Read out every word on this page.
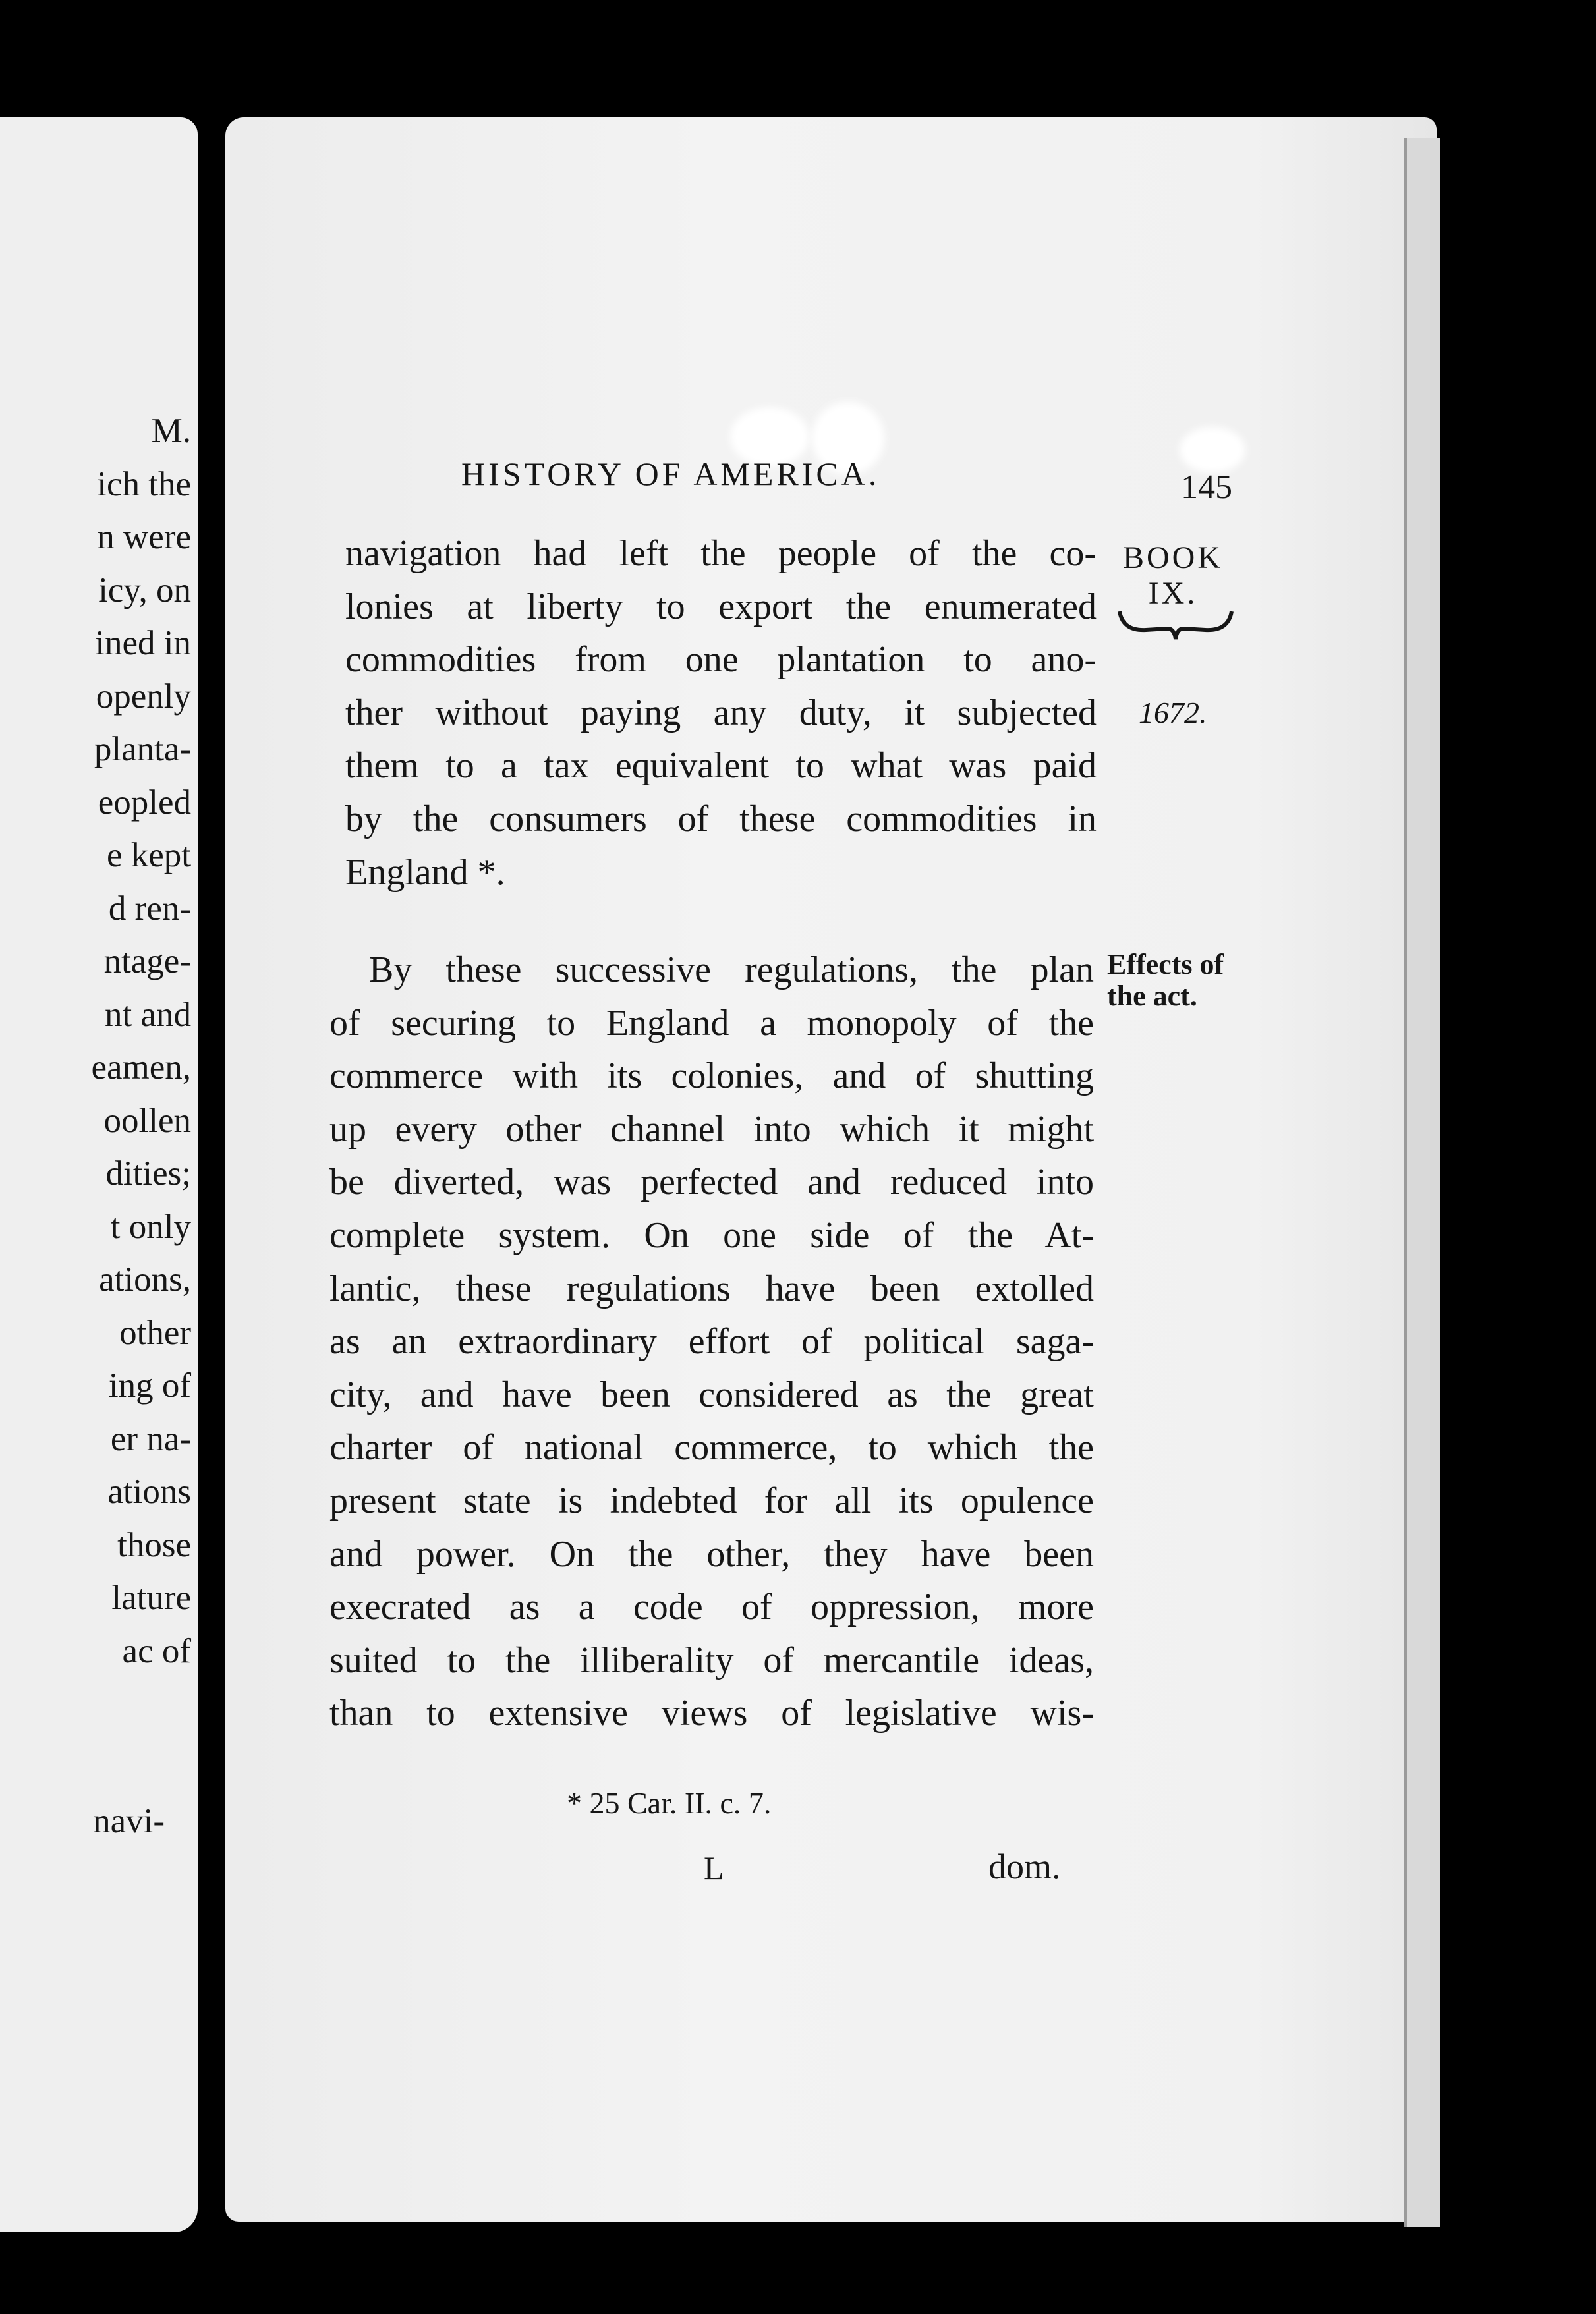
M.
ich the
n were
icy, on
ined in
openly
planta-
eopled
e kept
d ren-
ntage-
nt and
eamen,
oollen
dities;
t only
ations,
other
ing of
er na-
ations
those
lature
ac of
navi-
HISTORY OF AMERICA.	145
BOOK
IX.
1672.
Effects of
the act.
navigation had left the people of the co-
lonies at liberty to export the enumerated
commodities from one plantation to ano-
ther without paying any duty, it subjected
them to a tax equivalent to what was paid
by the consumers of these commodities in
England *.
By these successive regulations, the plan
of securing to England a monopoly of the
commerce with its colonies, and of shutting
up every other channel into which it might
be diverted, was perfected and reduced into
complete system. On one side of the At-
lantic, these regulations have been extolled
as an extraordinary effort of political saga-
city, and have been considered as the great
charter of national commerce, to which the
present state is indebted for all its opulence
and power. On the other, they have been
execrated as a code of oppression, more
suited to the illiberality of mercantile ideas,
than to extensive views of legislative wis-
* 25 Car. II. c. 7.
L	dom.
